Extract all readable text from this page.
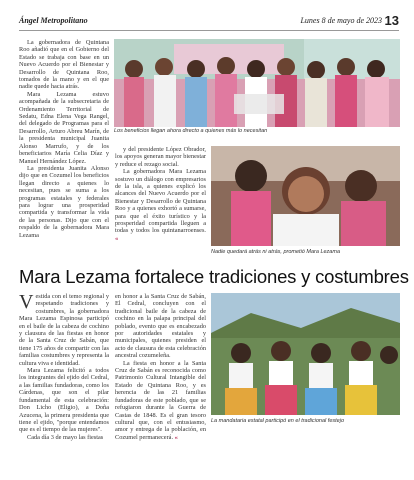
Ángel Metropolitano	Lunes 8 de mayo de 2023 13

La gobernadora de Quintana Roo añadió que en el Gobierno del Estado se trabaja con base en un Nuevo Acuerdo por el Bienestar y Desarrollo de Quintana Roo, tomados de la mano y en el que nadie quede hacia atrás.

Mara Lezama estuvo acompañada de la subsecretaria de Ordenamiento Territorial de Sedatu, Edna Elena Vega Rangel, del delegado de Programas para el Desarrollo, Arturo Abreu Marín, de la presidenta municipal Juanita Alonso Marrufo, y de los beneficiarios María Celia Díaz y Manuel Hernández López.

La presidenta Juanita Alonso dijo que en Cozumel los beneficios llegan directo a quienes lo necesitan, pues se suma a los programas estatales y federales para lograr una prosperidad compartida y transformar la vida de las personas. Dijo que con el respaldo de la gobernadora Mara Lezama

Los beneficios llegan ahora directo a quienes más lo necesitan

y del presidente López Obrador, los apoyos generan mayor bienestar y reduce el rezago social.

La gobernadora Mara Lezama sostuvo un diálogo con empresarios de la isla, a quienes explicó los alcances del Nuevo Acuerdo por el Bienestar y Desarrollo de Quintana Roo y a quienes exhortó a sumarse, para que el éxito turístico y la prosperidad compartida lleguen a todas y todos los quintanarroenses. «

Nadie quedará atrás ni atrás, prometió Mara Lezama
Mara Lezama fortalece tradiciones y costumbres

Vestida con el temo regional y respetando tradiciones y costumbres, la gobernadora Mara Lezama Espinosa participó en el baile de la cabeza de cochino y clausura de las fiestas en honor de la Santa Cruz de Sabán, que tiene 175 años de compartir con las familias costumbres y representa la cultura viva e identidad.

Mara Lezama felicitó a todos los integrantes del ejido del Cedral, a las familias fundadoras, como los Cárdenas, que son el pilar fundamental de esta celebración: Don Licho (Eligio), a Doña Azucena, la primera presidenta que tiene el ejido, "porque entendamos que es el tiempo de las mujeres".

Cada día 3 de mayo las fiestas

en honor a la Santa Cruz de Sabán, El Cedral, concluyen con el tradicional baile de la cabeza de cochino en la palapa principal del poblado, evento que es encabezado por autoridades estatales y municipales, quienes presiden el acto de clausura de esta celebración ancestral cozumeleña.

La fiesta en honor a la Santa Cruz de Sabán es reconocida como Patrimonio Cultural Intangible del Estado de Quintana Roo, y es herencia de las 21 familias fundadoras de este poblado, que se refugiaron durante la Guerra de Castas de 1848. Es el gran tesoro cultural que, con el entusiasmo, amor y entrega de la población, en Cozumel permanecerá. «

La mandataria estatal participó en el tradicional festejo
